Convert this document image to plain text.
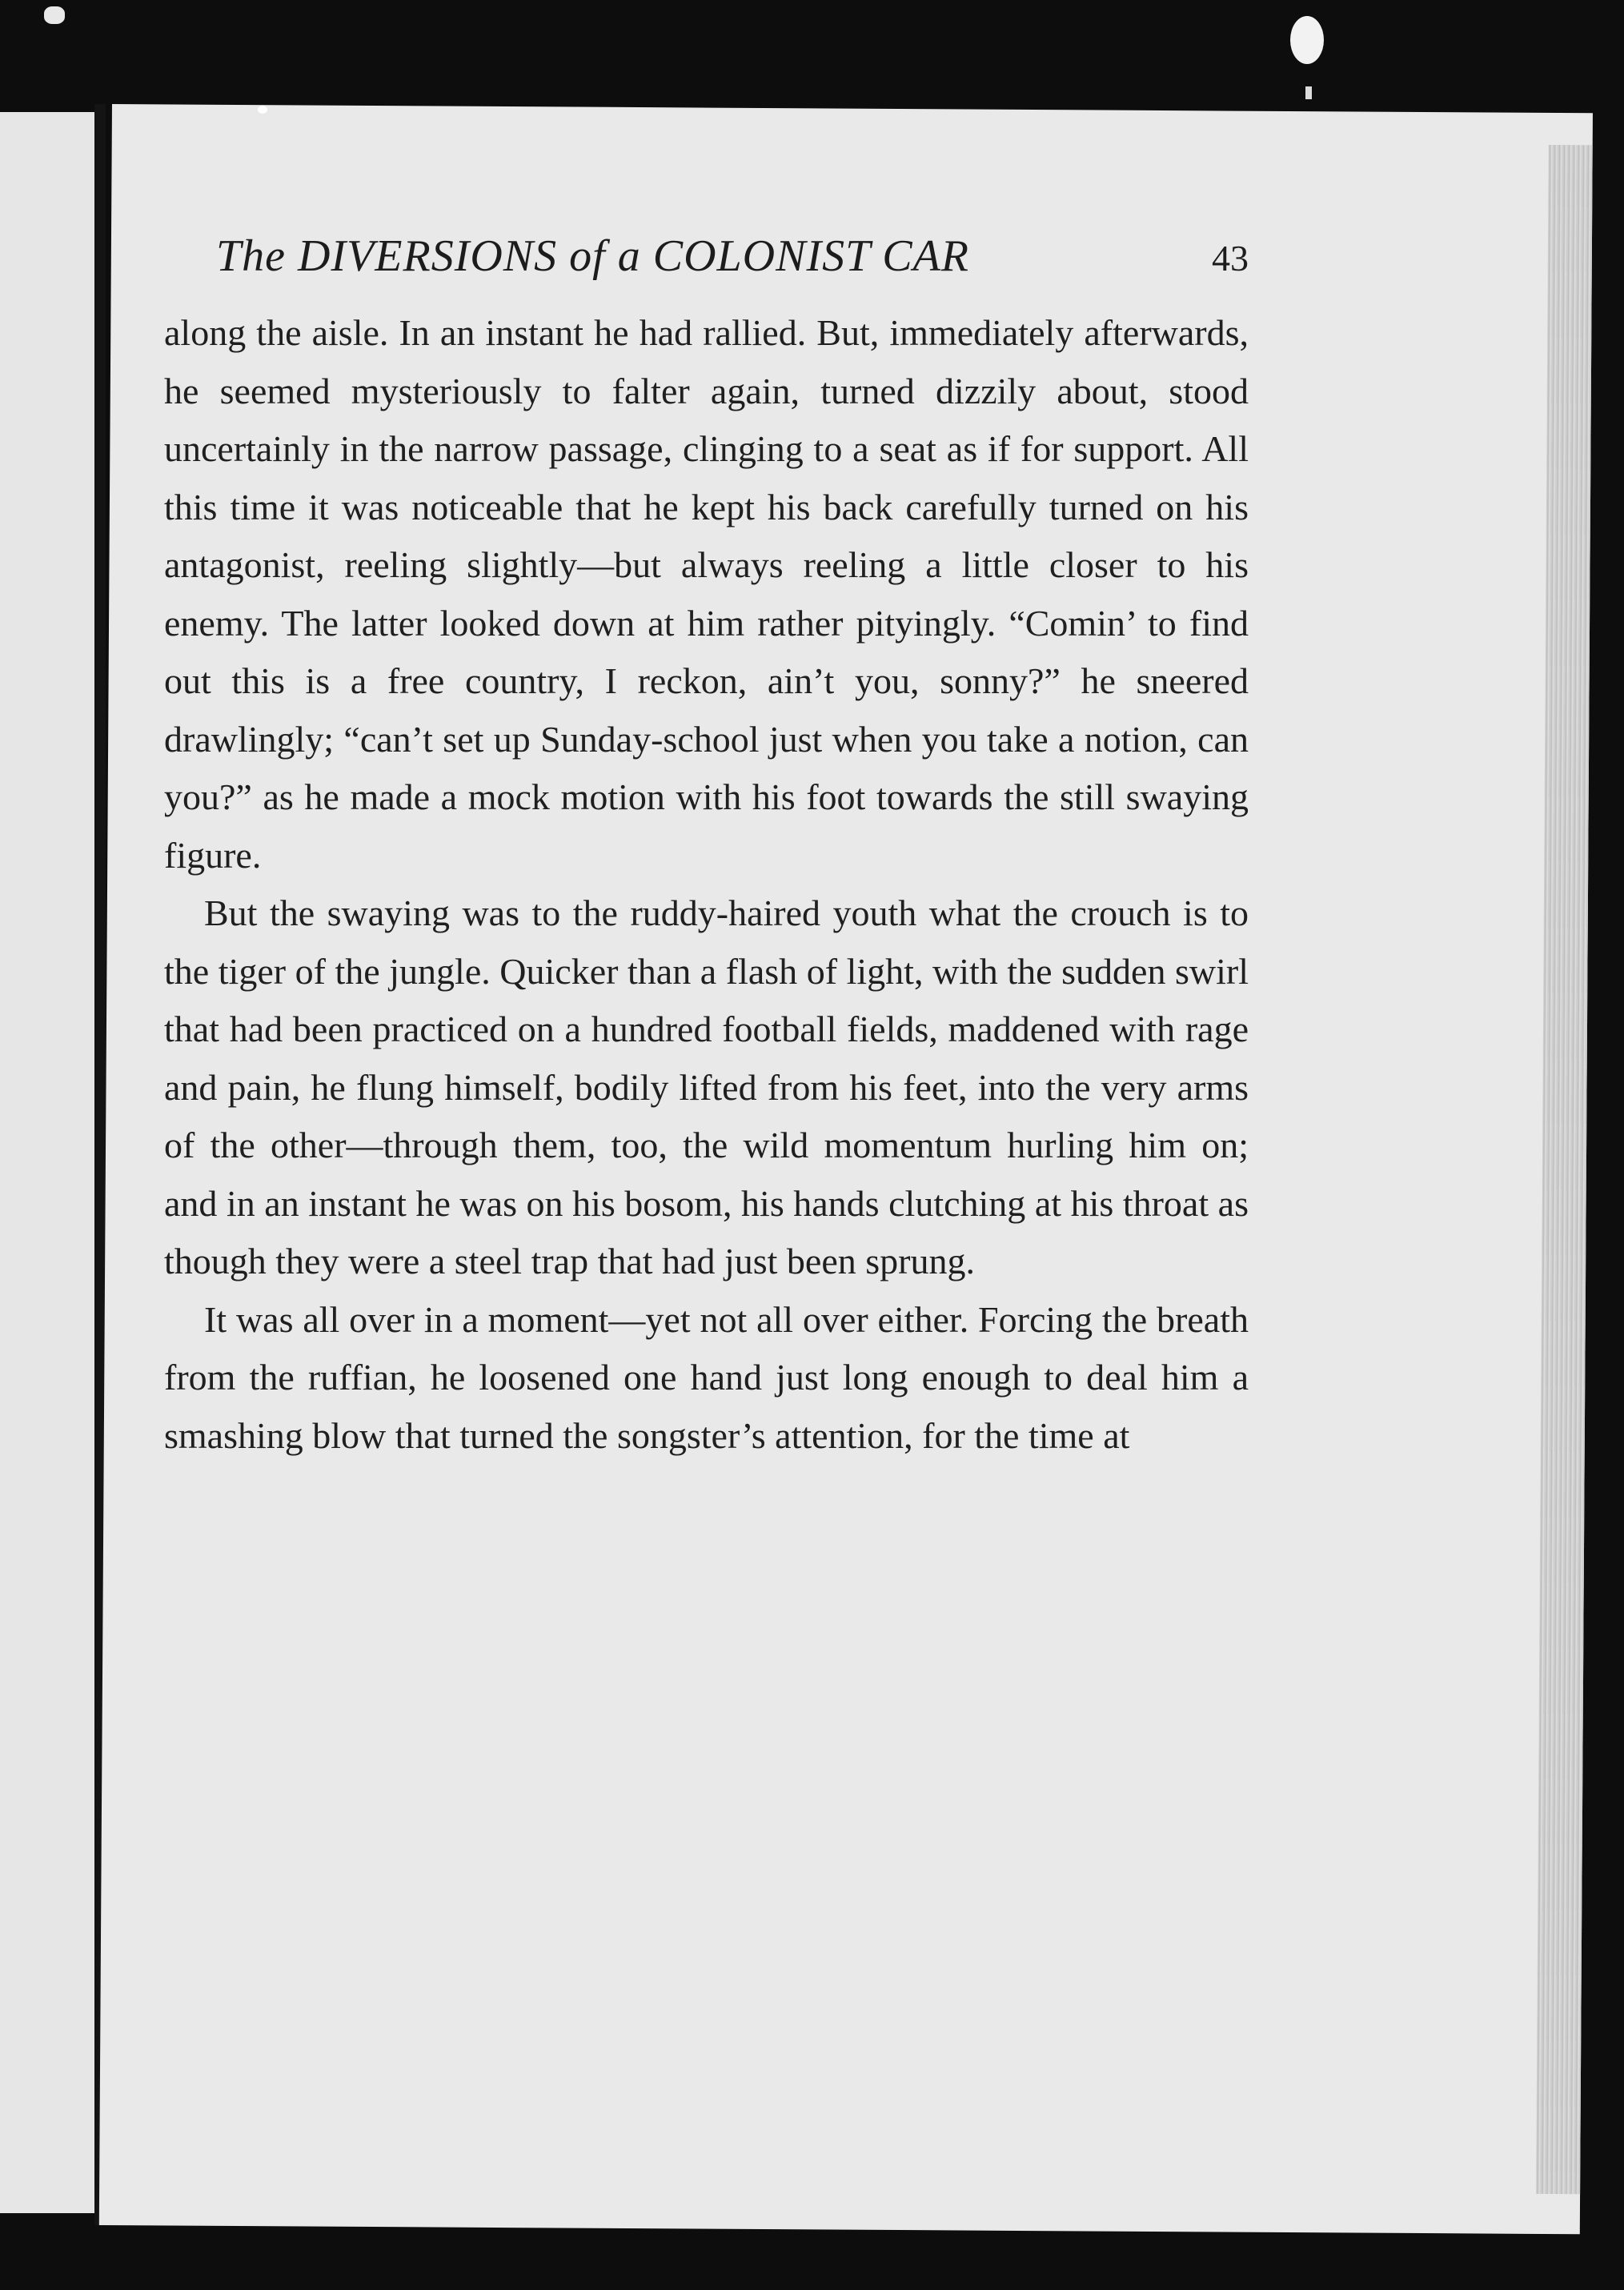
The DIVERSIONS of a COLONIST CAR	43

along the aisle. In an instant he had rallied. But, immediately afterwards, he seemed mysteriously to falter again, turned dizzily about, stood uncertainly in the narrow passage, clinging to a seat as if for support. All this time it was noticeable that he kept his back carefully turned on his antagonist, reeling slightly—but always reeling a little closer to his enemy. The latter looked down at him rather pityingly. “Comin’ to find out this is a free country, I reckon, ain’t you, sonny?” he sneered drawlingly; “can’t set up Sunday-school just when you take a notion, can you?” as he made a mock motion with his foot towards the still swaying figure.

But the swaying was to the ruddy-haired youth what the crouch is to the tiger of the jungle. Quicker than a flash of light, with the sudden swirl that had been practiced on a hundred football fields, maddened with rage and pain, he flung himself, bodily lifted from his feet, into the very arms of the other—through them, too, the wild momentum hurling him on; and in an instant he was on his bosom, his hands clutching at his throat as though they were a steel trap that had just been sprung.

It was all over in a moment—yet not all over either. Forcing the breath from the ruffian, he loosened one hand just long enough to deal him a smashing blow that turned the songster’s attention, for the time at
